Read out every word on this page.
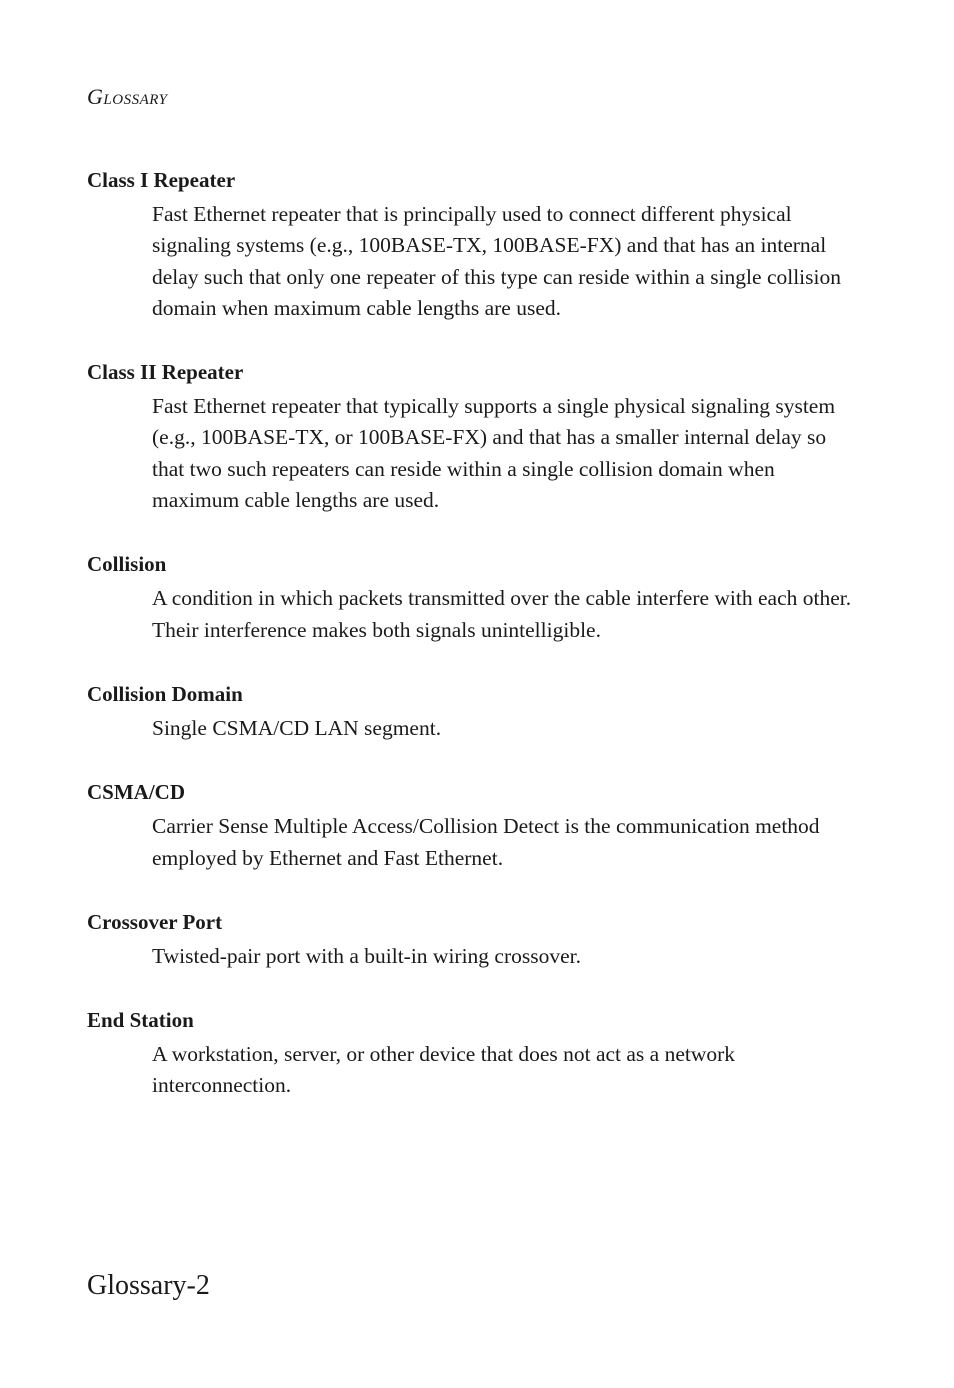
Glossary
Class I Repeater
Fast Ethernet repeater that is principally used to connect different physical signaling systems (e.g., 100BASE-TX, 100BASE-FX) and that has an internal delay such that only one repeater of this type can reside within a single collision domain when maximum cable lengths are used.
Class II Repeater
Fast Ethernet repeater that typically supports a single physical signaling system (e.g., 100BASE-TX, or 100BASE-FX) and that has a smaller internal delay so that two such repeaters can reside within a single collision domain when maximum cable lengths are used.
Collision
A condition in which packets transmitted over the cable interfere with each other. Their interference makes both signals unintelligible.
Collision Domain
Single CSMA/CD LAN segment.
CSMA/CD
Carrier Sense Multiple Access/Collision Detect is the communication method employed by Ethernet and Fast Ethernet.
Crossover Port
Twisted-pair port with a built-in wiring crossover.
End Station
A workstation, server, or other device that does not act as a network interconnection.
Glossary-2
